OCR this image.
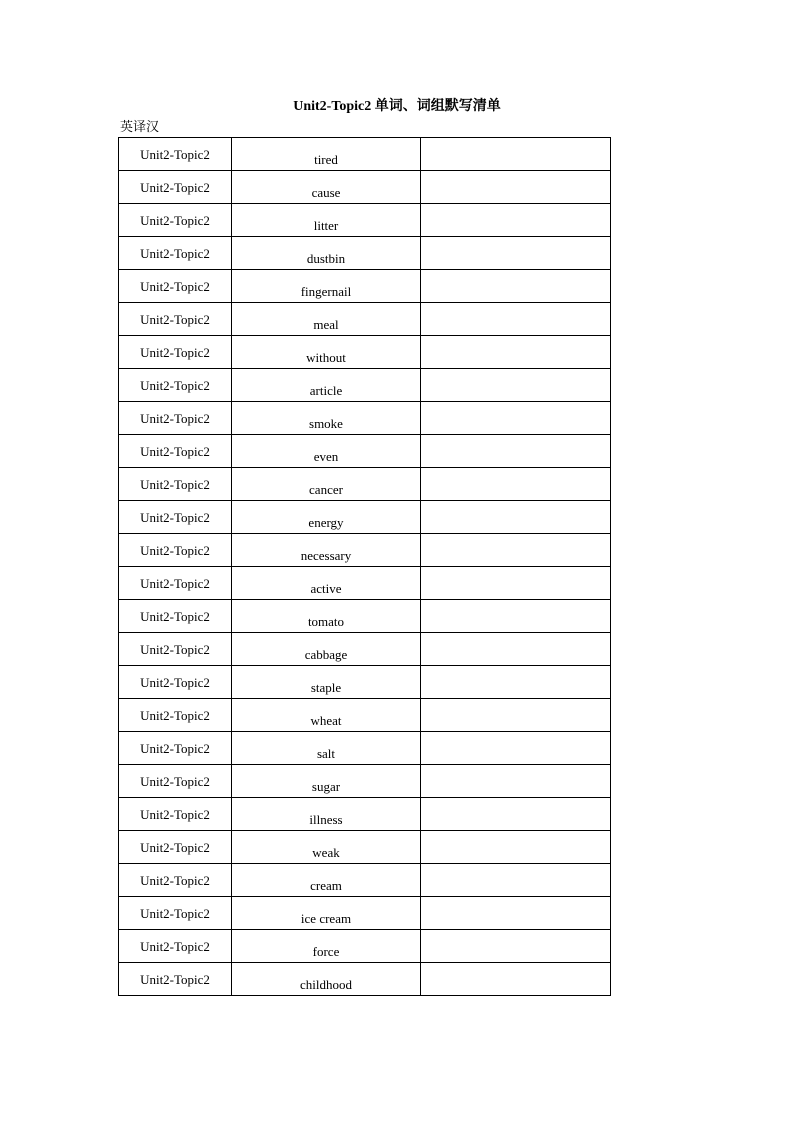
Unit2-Topic2 单词、词组默写清单
英译汉
Unit2-Topic2	tired	
Unit2-Topic2	cause	
Unit2-Topic2	litter	
Unit2-Topic2	dustbin	
Unit2-Topic2	fingernail	
Unit2-Topic2	meal	
Unit2-Topic2	without	
Unit2-Topic2	article	
Unit2-Topic2	smoke	
Unit2-Topic2	even	
Unit2-Topic2	cancer	
Unit2-Topic2	energy	
Unit2-Topic2	necessary	
Unit2-Topic2	active	
Unit2-Topic2	tomato	
Unit2-Topic2	cabbage	
Unit2-Topic2	staple	
Unit2-Topic2	wheat	
Unit2-Topic2	salt	
Unit2-Topic2	sugar	
Unit2-Topic2	illness	
Unit2-Topic2	weak	
Unit2-Topic2	cream	
Unit2-Topic2	ice cream	
Unit2-Topic2	force	
Unit2-Topic2	childhood	
